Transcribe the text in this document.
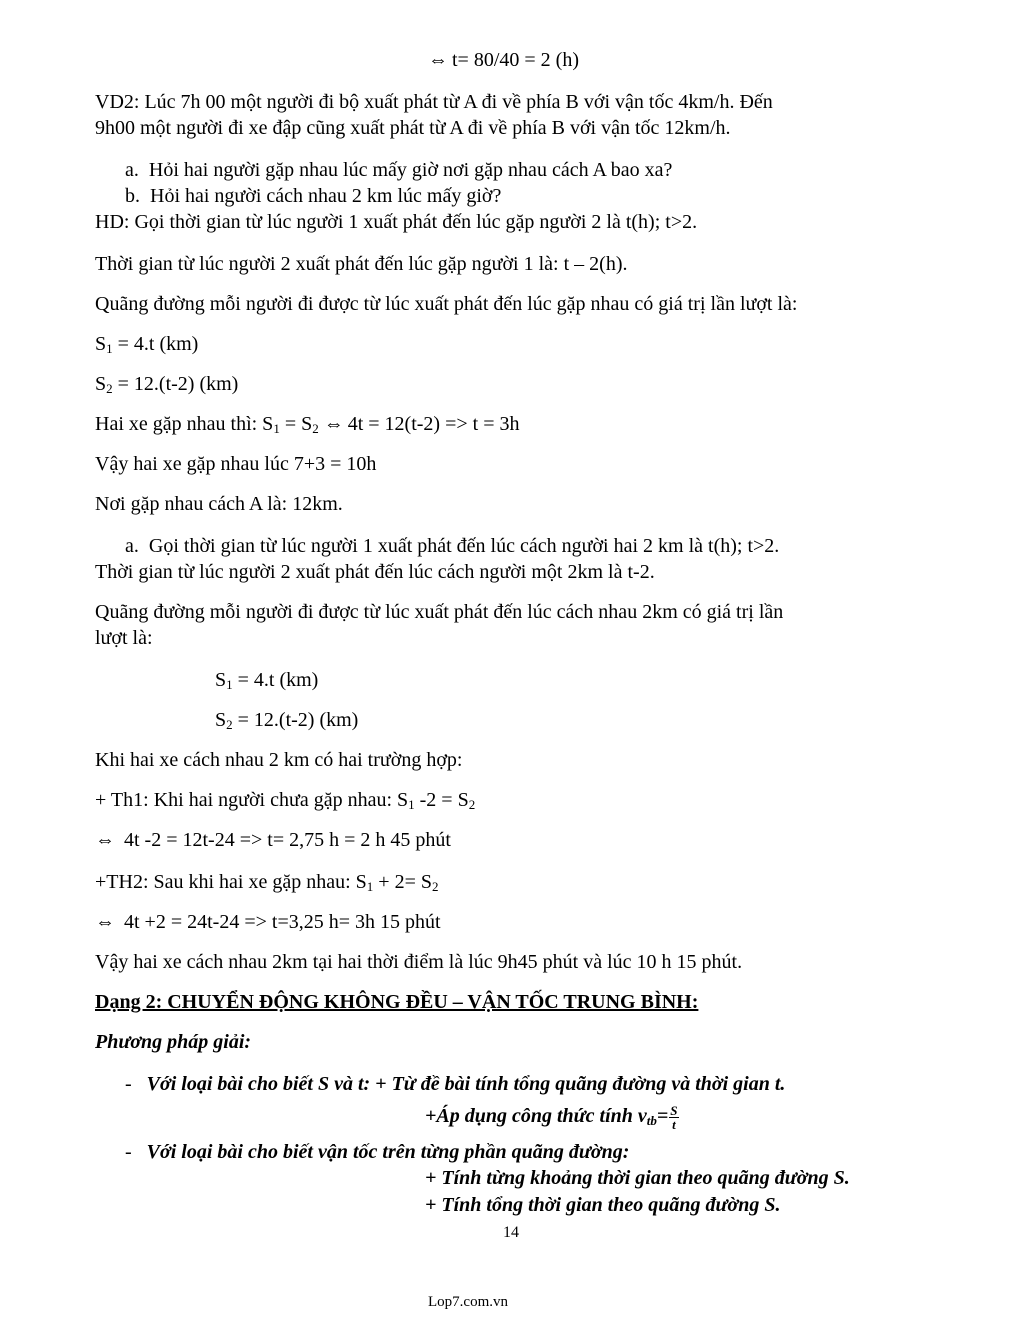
⇔ t= 80/40 = 2 (h)
VD2: Lúc 7h 00 một người đi bộ xuất phát từ A đi về phía B với vận tốc 4km/h. Đến
9h00 một người đi xe đập cũng xuất phát từ A đi về phía B với vận tốc 12km/h.
a. Hỏi hai người gặp nhau lúc mấy giờ nơi gặp nhau cách A bao xa?
b. Hỏi hai người cách nhau 2 km lúc mấy giờ?
HD: Gọi thời gian từ lúc người 1 xuất phát đến lúc gặp người 2 là t(h); t>2.
Thời gian từ lúc người 2 xuất phát đến lúc gặp người 1 là: t – 2(h).
Quãng đường mỗi người đi được từ lúc xuất phát đến lúc gặp nhau có giá trị lần lượt là:
$S_1 = 4.t$ (km)
$S_2 = 12.(t-2)$ (km)
Hai xe gặp nhau thì: $S_1 = S_2$ ⇔ 4t = 12(t-2) => t = 3h
Vậy hai xe gặp nhau lúc 7+3 = 10h
Nơi gặp nhau cách A là: 12km.
a. Gọi thời gian từ lúc người 1 xuất phát đến lúc cách người hai 2 km là t(h); t>2.
Thời gian từ lúc người 2 xuất phát đến lúc cách người một 2km là t-2.
Quãng đường mỗi người đi được từ lúc xuất phát đến lúc cách nhau 2km có giá trị lần
lượt là:
$S_1 = 4.t$ (km)
$S_2 = 12.(t-2)$ (km)
Khi hai xe cách nhau 2 km có hai trường hợp:
+ Th1: Khi hai người chưa gặp nhau: $S_1$ $-2 = S_2$
⇔ 4t -2 = 12t-24 => t= 2,75 h = 2 h 45 phút
+TH2: Sau khi hai xe gặp nhau: $S_1 + 2= S_2$
⇔ 4t +2 = 24t-24 => t=3,25 h= 3h 15 phút
Vậy hai xe cách nhau 2km tại hai thời điểm là lúc 9h45 phút và lúc 10 h 15 phút.
Dạng 2: CHUYỂN ĐỘNG KHÔNG ĐỀU – VẬN TỐC TRUNG BÌNH:
Phương pháp giải:
- Với loại bài cho biết S và t: + Từ đề bài tính tổng quãng đường và thời gian t.
+Áp dụng công thức tính $v_{tb}= \frac{S}{t}$
- Với loại bài cho biết vận tốc trên từng phần quãng đường:
+ Tính từng khoảng thời gian theo quãng đường S.
+ Tính tổng thời gian theo quãng đường S.
14
Lop7.com.vn
